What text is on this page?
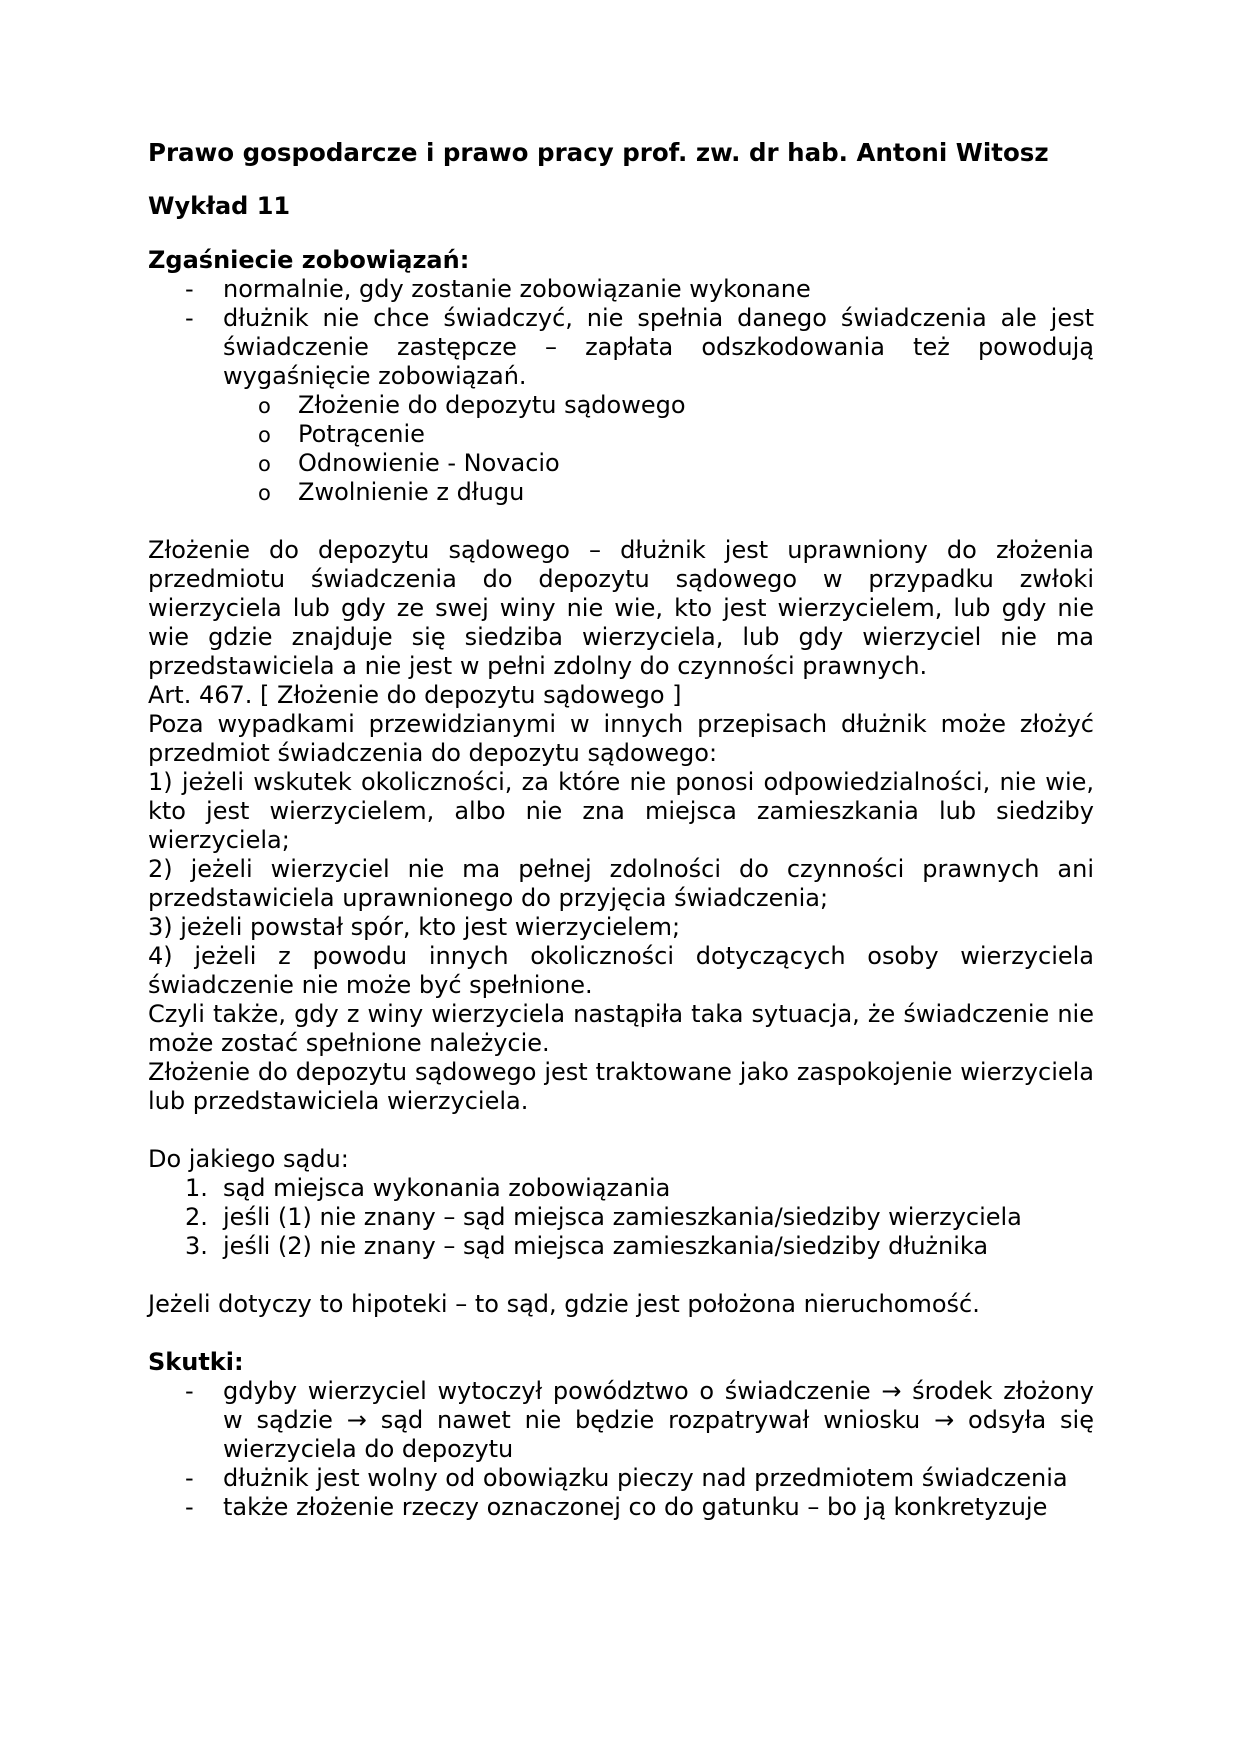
Prawo gospodarcze i prawo pracy prof. zw. dr hab. Antoni Witosz

Wykład 11

Zgaśniecie zobowiązań:

- normalnie, gdy zostanie zobowiązanie wykonane
- dłużnik nie chce świadczyć, nie spełnia danego świadczenia ale jest świadczenie zastępcze – zapłata odszkodowania też powodują wygaśnięcie zobowiązań.
o Złożenie do depozytu sądowego
o Potrącenie
o Odnowienie - Novacio
o Zwolnienie z długu

Złożenie do depozytu sądowego – dłużnik jest uprawniony do złożenia przedmiotu świadczenia do depozytu sądowego w przypadku zwłoki wierzyciela lub gdy ze swej winy nie wie, kto jest wierzycielem, lub gdy nie wie gdzie znajduje się siedziba wierzyciela, lub gdy wierzyciel nie ma przedstawiciela a nie jest w pełni zdolny do czynności prawnych.

Art. 467. [ Złożenie do depozytu sądowego ]

Poza wypadkami przewidzianymi w innych przepisach dłużnik może złożyć przedmiot świadczenia do depozytu sądowego:

1) jeżeli wskutek okoliczności, za które nie ponosi odpowiedzialności, nie wie, kto jest wierzycielem, albo nie zna miejsca zamieszkania lub siedziby wierzyciela;

2) jeżeli wierzyciel nie ma pełnej zdolności do czynności prawnych ani przedstawiciela uprawnionego do przyjęcia świadczenia;

3) jeżeli powstał spór, kto jest wierzycielem;

4) jeżeli z powodu innych okoliczności dotyczących osoby wierzyciela świadczenie nie może być spełnione.

Czyli także, gdy z winy wierzyciela nastąpiła taka sytuacja, że świadczenie nie może zostać spełnione należycie.

Złożenie do depozytu sądowego jest traktowane jako zaspokojenie wierzyciela lub przedstawiciela wierzyciela.

Do jakiego sądu:

1. sąd miejsca wykonania zobowiązania
2. jeśli (1) nie znany – sąd miejsca zamieszkania/siedziby wierzyciela
3. jeśli (2) nie znany – sąd miejsca zamieszkania/siedziby dłużnika

Jeżeli dotyczy to hipoteki – to sąd, gdzie jest położona nieruchomość.

Skutki:

- gdyby wierzyciel wytoczył powództwo o świadczenie → środek złożony w sądzie → sąd nawet nie będzie rozpatrywał wniosku → odsyła się wierzyciela do depozytu
- dłużnik jest wolny od obowiązku pieczy nad przedmiotem świadczenia
- także złożenie rzeczy oznaczonej co do gatunku – bo ją konkretyzuje
